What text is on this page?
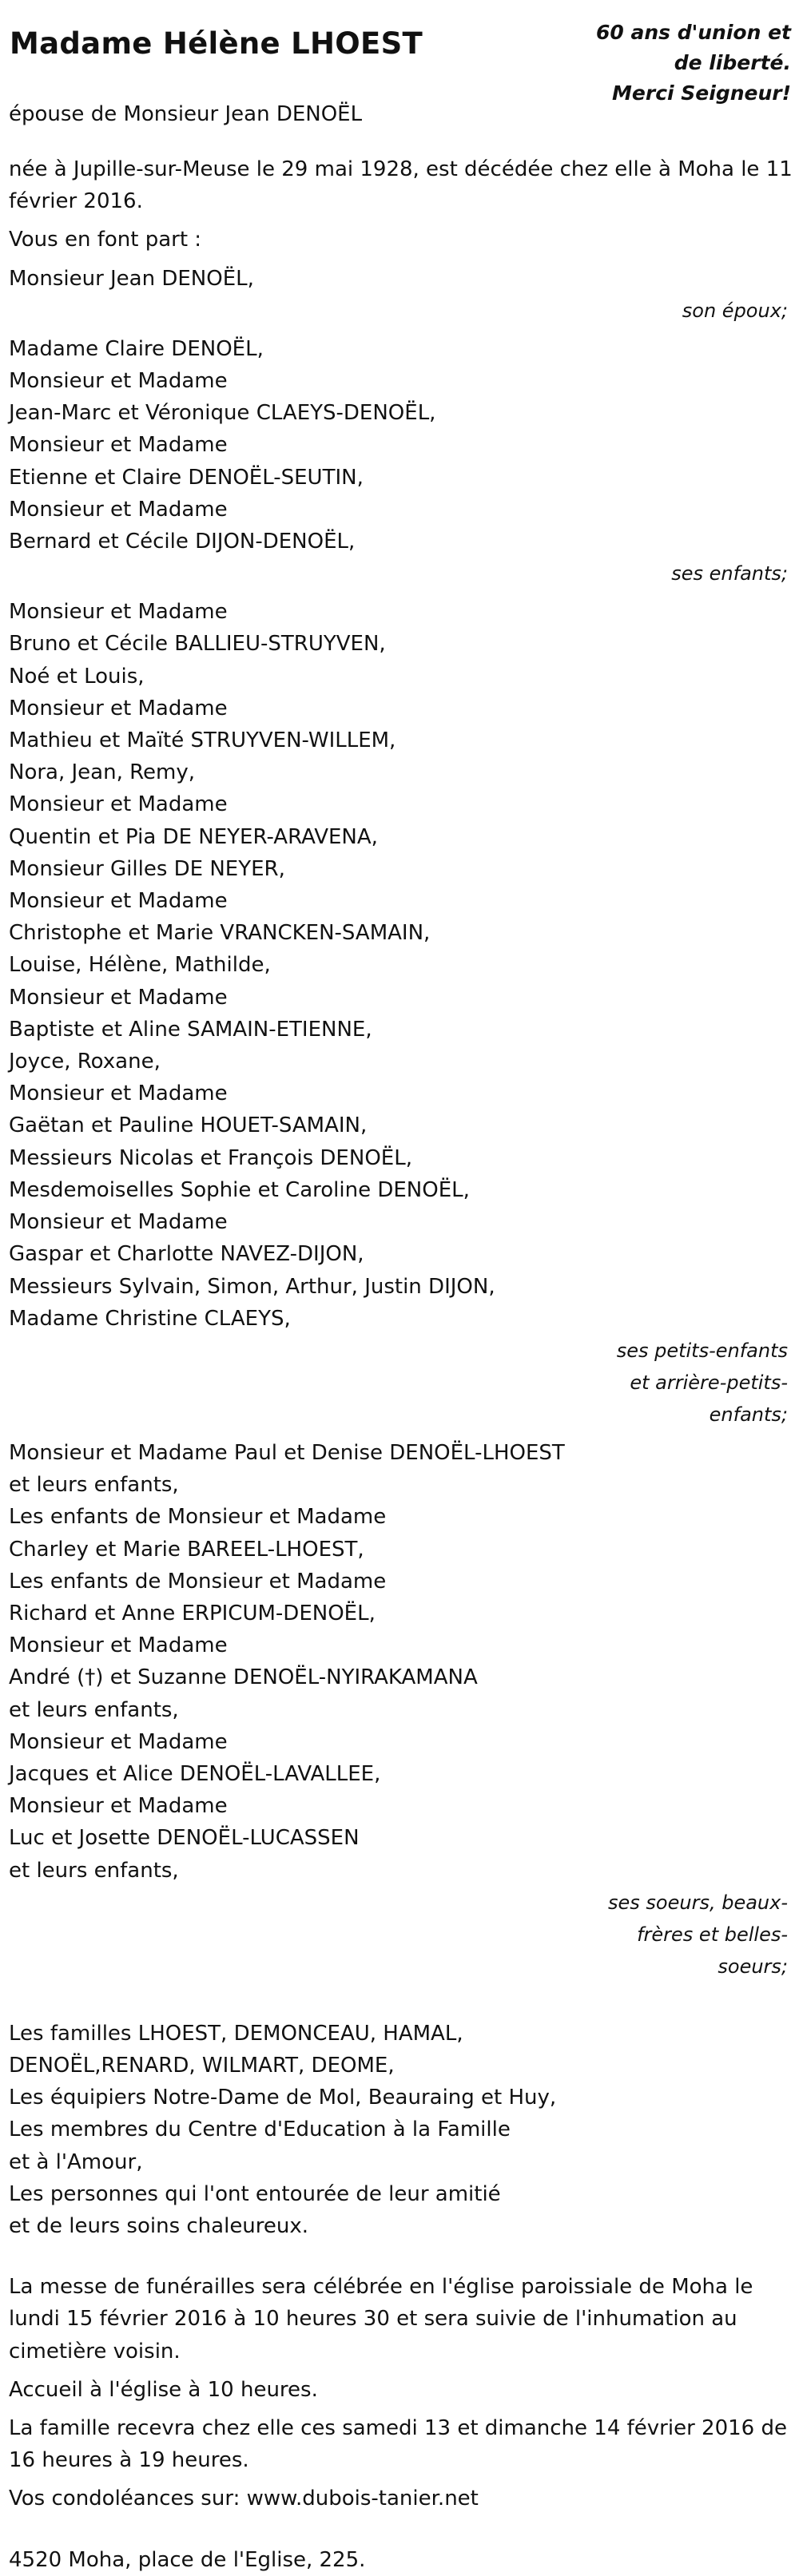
Madame Hélène LHOEST	60 ans d'union et
de liberté.
Merci Seigneur!
épouse de Monsieur Jean DENOËL
née à Jupille-sur-Meuse le 29 mai 1928, est décédée chez elle à Moha le 11
février 2016.
Vous en font part :
Monsieur Jean DENOËL,
son époux;
Madame Claire DENOËL,
Monsieur et Madame
Jean-Marc et Véronique CLAEYS-DENOËL,
Monsieur et Madame
Etienne et Claire DENOËL-SEUTIN,
Monsieur et Madame
Bernard et Cécile DIJON-DENOËL,
ses enfants;
Monsieur et Madame
Bruno et Cécile BALLIEU-STRUYVEN,
Noé et Louis,
Monsieur et Madame
Mathieu et Maïté STRUYVEN-WILLEM,
Nora, Jean, Remy,
Monsieur et Madame
Quentin et Pia DE NEYER-ARAVENA,
Monsieur Gilles DE NEYER,
Monsieur et Madame
Christophe et Marie VRANCKEN-SAMAIN,
Louise, Hélène, Mathilde,
Monsieur et Madame
Baptiste et Aline SAMAIN-ETIENNE,
Joyce, Roxane,
Monsieur et Madame
Gaëtan et Pauline HOUET-SAMAIN,
Messieurs Nicolas et François DENOËL,
Mesdemoiselles Sophie et Caroline DENOËL,
Monsieur et Madame
Gaspar et Charlotte NAVEZ-DIJON,
Messieurs Sylvain, Simon, Arthur, Justin DIJON,
Madame Christine CLAEYS,
ses petits-enfants
et arrière-petits-
enfants;
Monsieur et Madame Paul et Denise DENOËL-LHOEST
et leurs enfants,
Les enfants de Monsieur et Madame
Charley et Marie BAREEL-LHOEST,
Les enfants de Monsieur et Madame
Richard et Anne ERPICUM-DENOËL,
Monsieur et Madame
André (†) et Suzanne DENOËL-NYIRAKAMANA
et leurs enfants,
Monsieur et Madame
Jacques et Alice DENOËL-LAVALLEE,
Monsieur et Madame
Luc et Josette DENOËL-LUCASSEN
et leurs enfants,
ses soeurs, beaux-
frères et belles-
soeurs;
Les familles LHOEST, DEMONCEAU, HAMAL,
DENOËL,RENARD, WILMART, DEOME,
Les équipiers Notre-Dame de Mol, Beauraing et Huy,
Les membres du Centre d'Education à la Famille
et à l'Amour,
Les personnes qui l'ont entourée de leur amitié
et de leurs soins chaleureux.
La messe de funérailles sera célébrée en l'église paroissiale de Moha le
lundi 15 février 2016 à 10 heures 30 et sera suivie de l'inhumation au
cimetière voisin.
Accueil à l'église à 10 heures.
La famille recevra chez elle ces samedi 13 et dimanche 14 février 2016 de
16 heures à 19 heures.
Vos condoléances sur: www.dubois-tanier.net
4520 Moha, place de l'Eglise, 225.
